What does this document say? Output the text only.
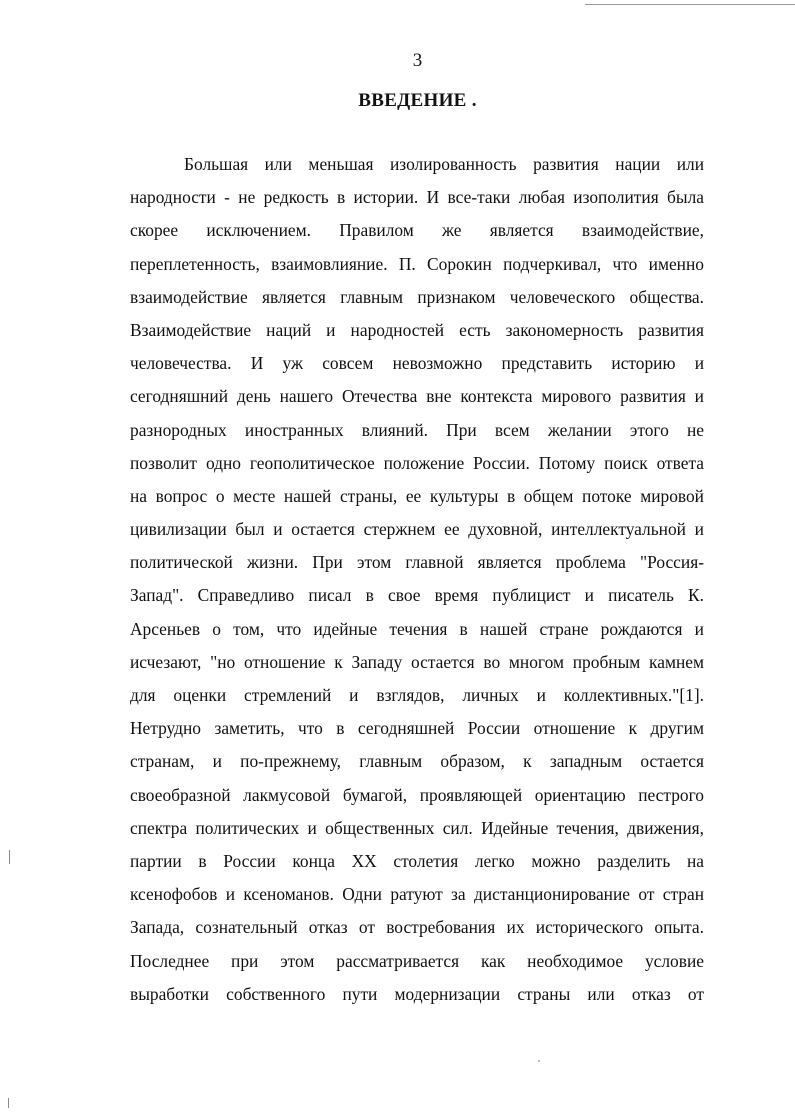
3
ВВЕДЕНИЕ .
Большая или меньшая изолированность развития нации или
народности - не редкость в истории. И все-таки любая изополития была
скорее исключением. Правилом же является взаимодействие,
переплетенность, взаимовлияние. П. Сорокин подчеркивал, что именно
взаимодействие является главным признаком человеческого общества.
Взаимодействие наций и народностей есть закономерность развития
человечества. И уж совсем невозможно представить историю и
сегодняшний день нашего Отечества вне контекста мирового развития и
разнородных иностранных влияний. При всем желании этого не
позволит одно геополитическое положение России. Потому поиск ответа
на вопрос о месте нашей страны, ее культуры в общем потоке мировой
цивилизации был и остается стержнем ее духовной, интеллектуальной и
политической жизни. При этом главной является проблема "Россия-
Запад". Справедливо писал в свое время публицист и писатель К.
Арсеньев о том, что идейные течения в нашей стране рождаются и
исчезают, "но отношение к Западу остается во многом пробным камнем
для оценки стремлений и взглядов, личных и коллективных."[1].
Нетрудно заметить, что в сегодняшней России отношение к другим
странам, и по-прежнему, главным образом, к западным остается
своеобразной лакмусовой бумагой, проявляющей ориентацию пестрого
спектра политических и общественных сил. Идейные течения, движения,
партии в России конца XX столетия легко можно разделить на
ксенофобов и ксеноманов. Одни ратуют за дистанционирование от стран
Запада, сознательный отказ от востребования их исторического опыта.
Последнее при этом рассматривается как необходимое условие
выработки собственного пути модернизации страны или отказ от
